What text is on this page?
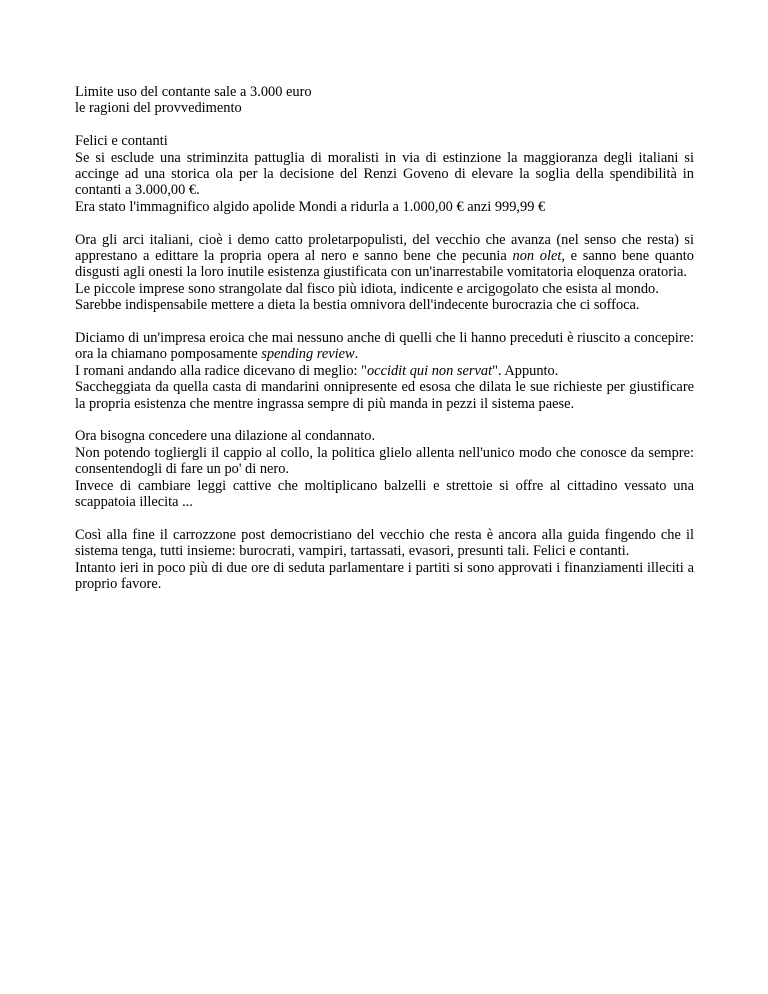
Limite uso del contante sale a 3.000 euro
le ragioni del provvedimento
Felici e contanti
Se si esclude una striminzita pattuglia di moralisti in via di estinzione la maggioranza degli italiani si accinge ad una storica ola per la decisione del Renzi Goveno di elevare la soglia della spendibilità in contanti a 3.000,00 €.
Era stato l'immagnifico algido apolide Mondi a ridurla a 1.000,00 € anzi 999,99 €
Ora gli arci italiani, cioè i demo catto proletarpopulisti, del vecchio che avanza (nel senso che resta) si apprestano a edittare la propria opera al nero e sanno bene che pecunia non olet, e sanno bene quanto disgusti agli onesti la loro inutile esistenza giustificata con un'inarrestabile vomitatoria eloquenza oratoria.
Le piccole imprese sono strangolate dal fisco più idiota, indicente e arcigogolato che esista al mondo.
Sarebbe indispensabile mettere a dieta la bestia omnivora dell'indecente burocrazia che ci soffoca.
Diciamo di un'impresa eroica che mai nessuno anche di quelli che li hanno preceduti è riuscito a concepire: ora la chiamano pomposamente spending review.
I romani andando alla radice dicevano di meglio: "occidit qui non servat". Appunto.
Saccheggiata da quella casta di mandarini onnipresente ed esosa che dilata le sue richieste per giustificare la propria esistenza che mentre ingrassa sempre di più manda in pezzi il sistema paese.
Ora bisogna concedere una dilazione al condannato.
Non potendo togliergli il cappio al collo, la politica glielo allenta nell'unico modo che conosce da sempre: consentendogli di fare un po' di nero.
Invece di cambiare leggi cattive che moltiplicano balzelli e strettoie si offre al cittadino vessato una scappatoia illecita ...
Così alla fine il carrozzone post democristiano del vecchio che resta è ancora alla guida fingendo che il sistema tenga, tutti insieme: burocrati, vampiri, tartassati, evasori, presunti tali. Felici e contanti.
Intanto ieri in poco più di due ore di seduta parlamentare i partiti si sono approvati i finanziamenti illeciti a proprio favore.
